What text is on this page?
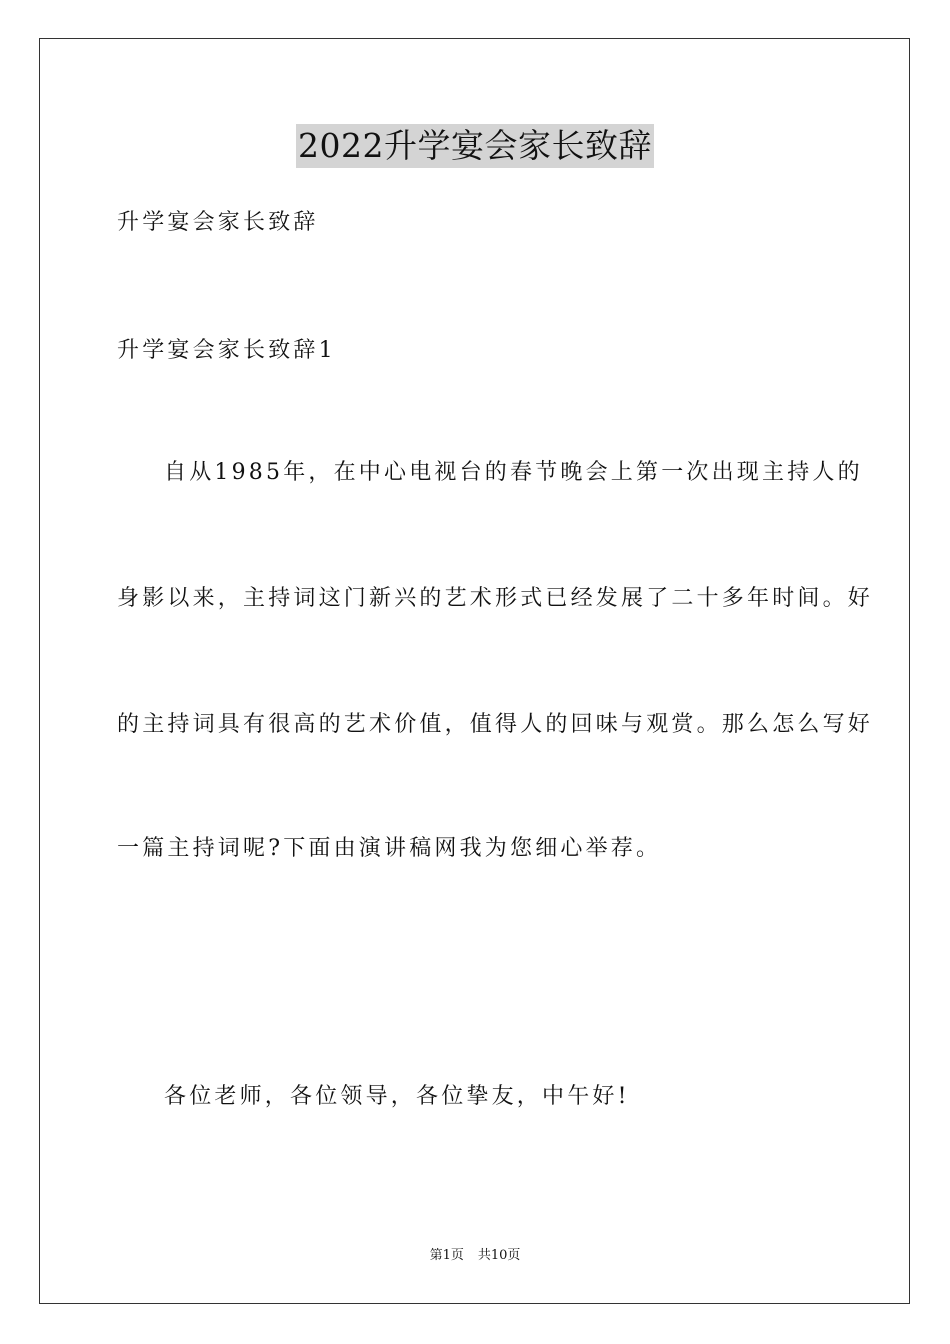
2022升学宴会家长致辞
升学宴会家长致辞
升学宴会家长致辞1
自从1985年，在中心电视台的春节晚会上第一次出现主持人的
身影以来，主持词这门新兴的艺术形式已经发展了二十多年时间。好
的主持词具有很高的艺术价值，值得人的回味与观赏。那么怎么写好
一篇主持词呢?下面由演讲稿网我为您细心举荐。
各位老师，各位领导，各位挚友，中午好!
第1页 共10页
